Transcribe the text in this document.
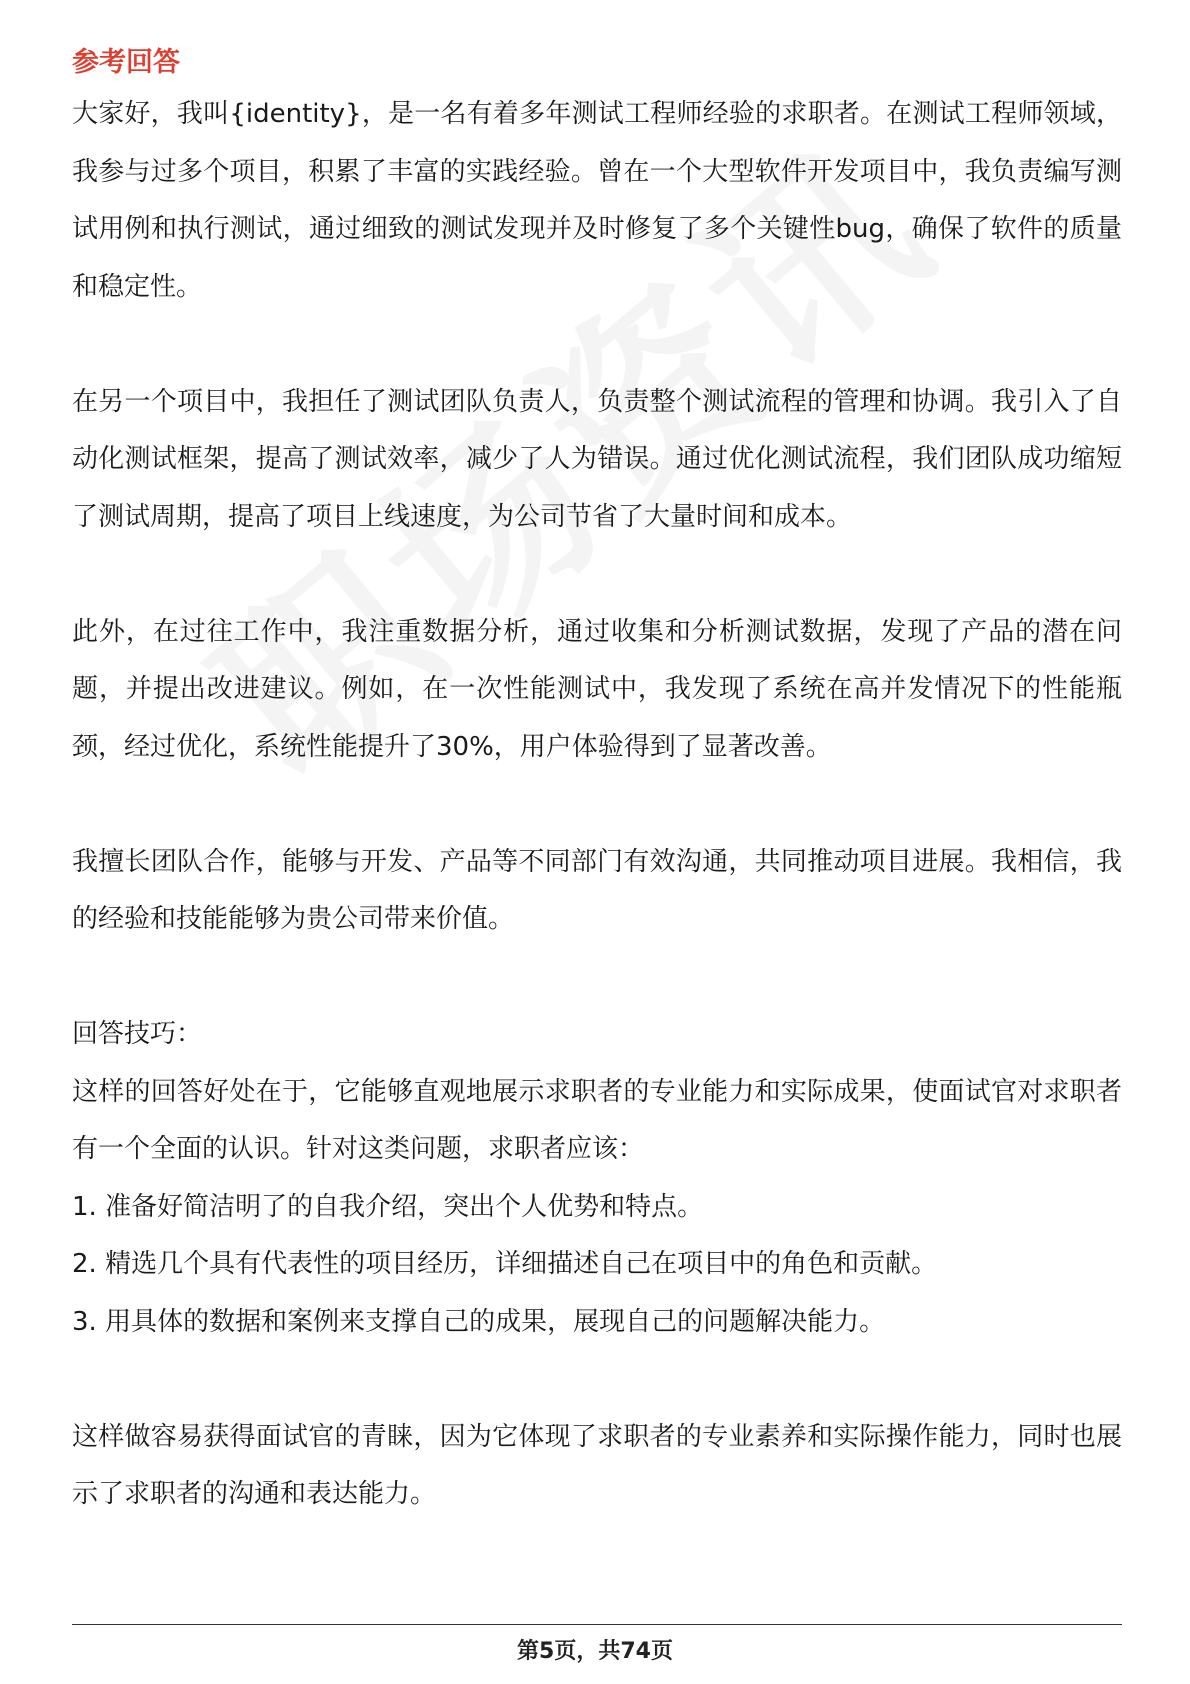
参考回答

大家好，我叫{identity}，是一名有着多年测试工程师经验的求职者。在测试工程师领域，我参与过多个项目，积累了丰富的实践经验。曾在一个大型软件开发项目中，我负责编写测试用例和执行测试，通过细致的测试发现并及时修复了多个关键性bug，确保了软件的质量和稳定性。

在另一个项目中，我担任了测试团队负责人，负责整个测试流程的管理和协调。我引入了自动化测试框架，提高了测试效率，减少了人为错误。通过优化测试流程，我们团队成功缩短了测试周期，提高了项目上线速度，为公司节省了大量时间和成本。

此外，在过往工作中，我注重数据分析，通过收集和分析测试数据，发现了产品的潜在问题，并提出改进建议。例如，在一次性能测试中，我发现了系统在高并发情况下的性能瓶颈，经过优化，系统性能提升了30%，用户体验得到了显著改善。

我擅长团队合作，能够与开发、产品等不同部门有效沟通，共同推动项目进展。我相信，我的经验和技能能够为贵公司带来价值。

回答技巧：

这样的回答好处在于，它能够直观地展示求职者的专业能力和实际成果，使面试官对求职者有一个全面的认识。针对这类问题，求职者应该：

1. 准备好简洁明了的自我介绍，突出个人优势和特点。

2. 精选几个具有代表性的项目经历，详细描述自己在项目中的角色和贡献。

3. 用具体的数据和案例来支撑自己的成果，展现自己的问题解决能力。

这样做容易获得面试官的青睐，因为它体现了求职者的专业素养和实际操作能力，同时也展示了求职者的沟通和表达能力。

第5页，共74页
